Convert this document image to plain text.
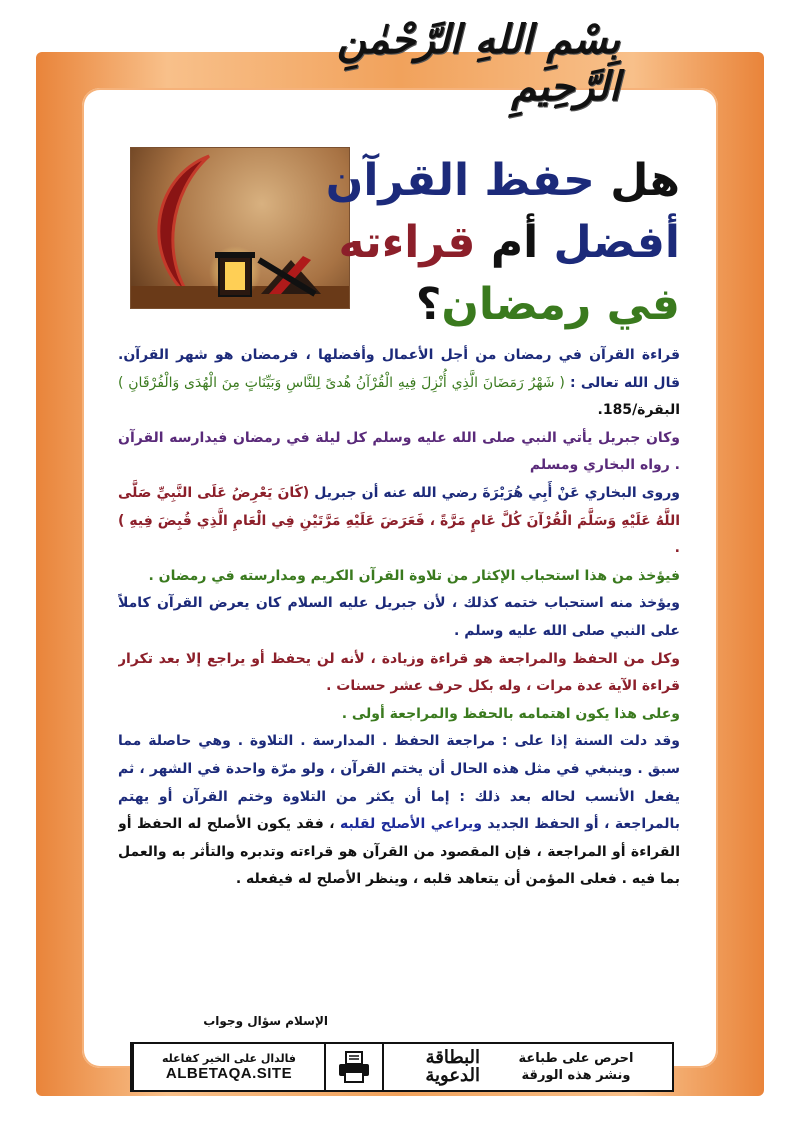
بِسْمِ اللهِ الرَّحْمٰنِ الرَّحِيمِ
هل حفظ القرآن
أفضل أم قراءته
في رمضان؟

قراءة القرآن في رمضان من أجل الأعمال وأفضلها ، فرمضان هو شهر القرآن. قال الله تعالى : ( شَهْرُ رَمَضَانَ الَّذِي أُنْزِلَ فِيهِ الْقُرْآنُ هُدىً لِلنَّاسِ وَبَيِّنَاتٍ مِنَ الْهُدَى وَالْفُرْقَانِ ) البقرة/185.

وكان جبريل يأتي النبي صلى الله عليه وسلم كل ليلة في رمضان فيدارسه القرآن . رواه البخاري ومسلم

وروى البخاري عَنْ أَبِي هُرَيْرَةَ رضي الله عنه أن جبريل (كَانَ يَعْرِضُ عَلَى النَّبِيِّ صَلَّى اللَّهُ عَلَيْهِ وَسَلَّمَ الْقُرْآنَ كُلَّ عَامٍ مَرَّةً ، فَعَرَضَ عَلَيْهِ مَرَّتَيْنِ فِي الْعَامِ الَّذِي قُبِضَ فِيهِ ) .

فيؤخذ من هذا استحباب الإكثار من تلاوة القرآن الكريم ومدارسته في رمضان .

ويؤخذ منه استحباب ختمه كذلك ، لأن جبريل عليه السلام كان يعرض القرآن كاملاً على النبي صلى الله عليه وسلم .

وكل من الحفظ والمراجعة هو قراءة وزيادة ، لأنه لن يحفظ أو يراجع إلا بعد تكرار قراءة الآية عدة مرات ، وله بكل حرف عشر حسنات .

وعلى هذا يكون اهتمامه بالحفظ والمراجعة أولى .

وقد دلت السنة إذا على : مراجعة الحفظ . المدارسة . التلاوة . وهي حاصلة مما سبق . وينبغي في مثل هذه الحال أن يختم القرآن ، ولو مرّة واحدة في الشهر ، ثم يفعل الأنسب لحاله بعد ذلك : إما أن يكثر من التلاوة وختم القرآن أو يهتم بالمراجعة ، أو الحفظ الجديد ويراعي الأصلح لقلبه ، فقد يكون الأصلح له الحفظ أو القراءة أو المراجعة ، فإن المقصود من القرآن هو قراءته وتدبره والتأثر به والعمل بما فيه . فعلى المؤمن أن يتعاهد قلبه ، وينظر الأصلح له فيفعله .

الإسلام سؤال وجواب
فالدال على الخير كفاعله
ALBETAQA.SITE
البطاقة الدعوية
احرص على طباعة
ونشر هذه الورقة
